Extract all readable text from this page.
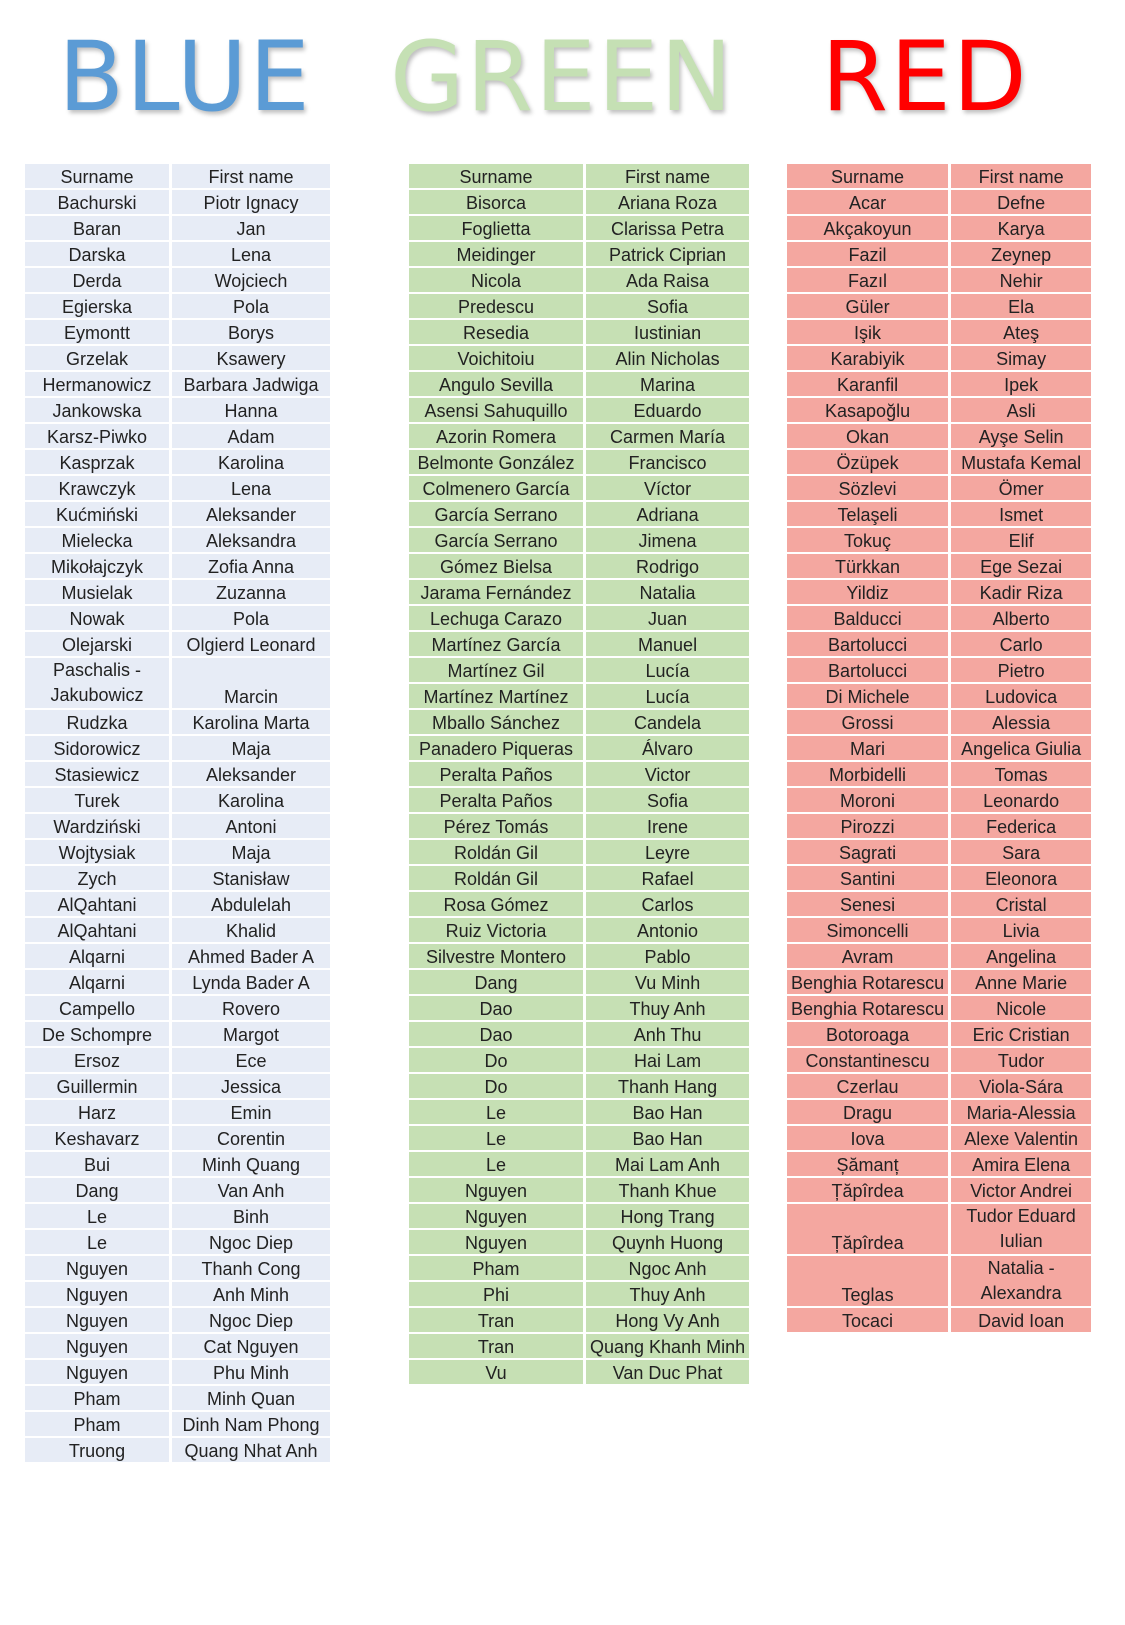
BLUE GREEN RED
Surname	First name
Bachurski	Piotr Ignacy
Baran	Jan
Darska	Lena
Derda	Wojciech
Egierska	Pola
Eymontt	Borys
Grzelak	Ksawery
Hermanowicz	Barbara Jadwiga
Jankowska	Hanna
Karsz-Piwko	Adam
Kasprzak	Karolina
Krawczyk	Lena
Kućmiński	Aleksander
Mielecka	Aleksandra
Mikołajczyk	Zofia Anna
Musielak	Zuzanna
Nowak	Pola
Olejarski	Olgierd Leonard
Paschalis - Jakubowicz	Marcin
Rudzka	Karolina Marta
Sidorowicz	Maja
Stasiewicz	Aleksander
Turek	Karolina
Wardziński	Antoni
Wojtysiak	Maja
Zych	Stanisław
AlQahtani	Abdulelah
AlQahtani	Khalid
Alqarni	Ahmed Bader A
Alqarni	Lynda Bader A
Campello	Rovero
De Schompre	Margot
Ersoz	Ece
Guillermin	Jessica
Harz	Emin
Keshavarz	Corentin
Bui	Minh Quang
Dang	Van Anh
Le	Binh
Le	Ngoc Diep
Nguyen	Thanh Cong
Nguyen	Anh Minh
Nguyen	Ngoc Diep
Nguyen	Cat Nguyen
Nguyen	Phu Minh
Pham	Minh Quan
Pham	Dinh Nam Phong
Truong	Quang Nhat Anh
Surname	First name
Bisorca	Ariana Roza
Foglietta	Clarissa Petra
Meidinger	Patrick Ciprian
Nicola	Ada Raisa
Predescu	Sofia
Resedia	Iustinian
Voichitoiu	Alin Nicholas
Angulo Sevilla	Marina
Asensi Sahuquillo	Eduardo
Azorin Romera	Carmen María
Belmonte González	Francisco
Colmenero García	Víctor
García Serrano	Adriana
García Serrano	Jimena
Gómez Bielsa	Rodrigo
Jarama Fernández	Natalia
Lechuga Carazo	Juan
Martínez García	Manuel
Martínez Gil	Lucía
Martínez Martínez	Lucía
Mballo Sánchez	Candela
Panadero Piqueras	Álvaro
Peralta Paños	Victor
Peralta Paños	Sofia
Pérez Tomás	Irene
Roldán Gil	Leyre
Roldán Gil	Rafael
Rosa Gómez	Carlos
Ruiz Victoria	Antonio
Silvestre Montero	Pablo
Dang	Vu Minh
Dao	Thuy Anh
Dao	Anh Thu
Do	Hai Lam
Do	Thanh Hang
Le	Bao Han
Le	Bao Han
Le	Mai Lam Anh
Nguyen	Thanh Khue
Nguyen	Hong Trang
Nguyen	Quynh Huong
Pham	Ngoc Anh
Phi	Thuy Anh
Tran	Hong Vy Anh
Tran	Quang Khanh Minh
Vu	Van Duc Phat
Surname	First name
Acar	Defne
Akçakoyun	Karya
Fazil	Zeynep
Fazıl	Nehir
Güler	Ela
Işik	Ateş
Karabiyik	Simay
Karanfil	Ipek
Kasapoğlu	Asli
Okan	Ayşe Selin
Özüpek	Mustafa Kemal
Sözlevi	Ömer
Telaşeli	Ismet
Tokuç	Elif
Türkkan	Ege Sezai
Yildiz	Kadir Riza
Balducci	Alberto
Bartolucci	Carlo
Bartolucci	Pietro
Di Michele	Ludovica
Grossi	Alessia
Mari	Angelica Giulia
Morbidelli	Tomas
Moroni	Leonardo
Pirozzi	Federica
Sagrati	Sara
Santini	Eleonora
Senesi	Cristal
Simoncelli	Livia
Avram	Angelina
Benghia Rotarescu	Anne Marie
Benghia Rotarescu	Nicole
Botoroaga	Eric Cristian
Constantinescu	Tudor
Czerlau	Viola-Sára
Dragu	Maria-Alessia
Iova	Alexe Valentin
Șămanț	Amira Elena
Țăpîrdea	Victor Andrei
Țăpîrdea	Tudor Eduard Iulian
Teglas	Natalia - Alexandra
Tocaci	David Ioan
